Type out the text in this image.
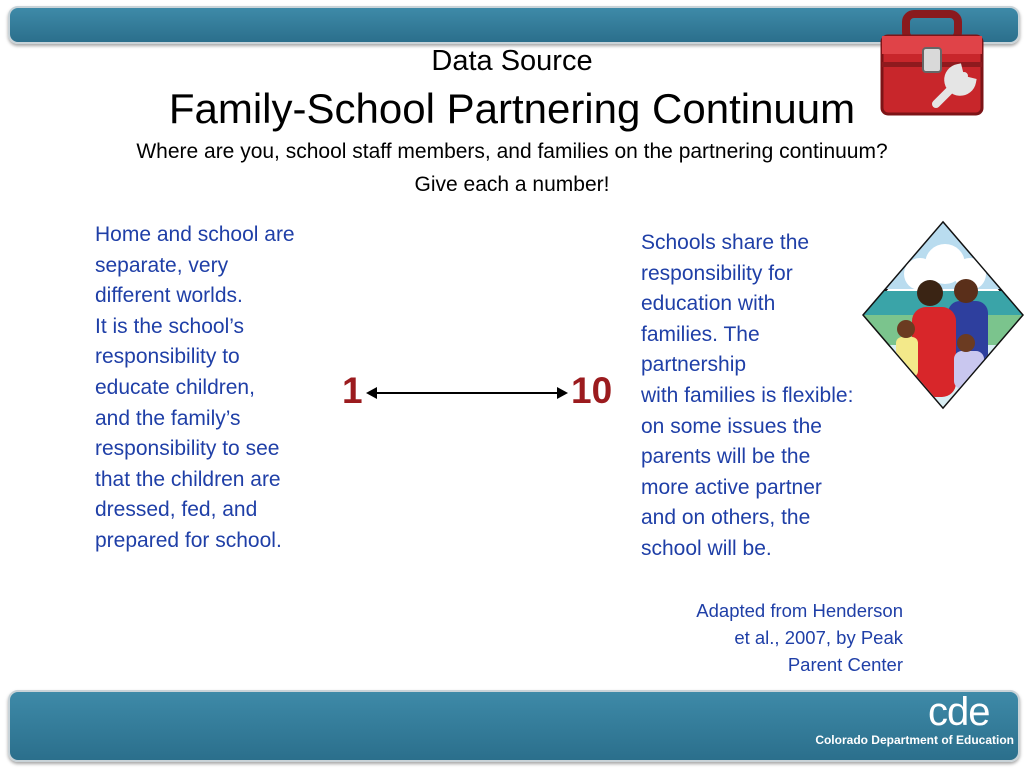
Data Source
Family-School Partnering Continuum
Where are you, school staff members, and families on the partnering continuum?
Give each a number!
Home and school are
separate, very
different worlds.
It is the school’s
responsibility to
educate children,
and the family’s
responsibility to see
that the children are
dressed, fed, and
prepared for school.
1	10
Schools share the
responsibility for
education with
families. The
partnership
with families is flexible:
on some issues the
parents will be the
more active partner
and on others, the
school will be.
Adapted from Henderson
et al., 2007, by Peak
Parent Center
cde
Colorado Department of Education
